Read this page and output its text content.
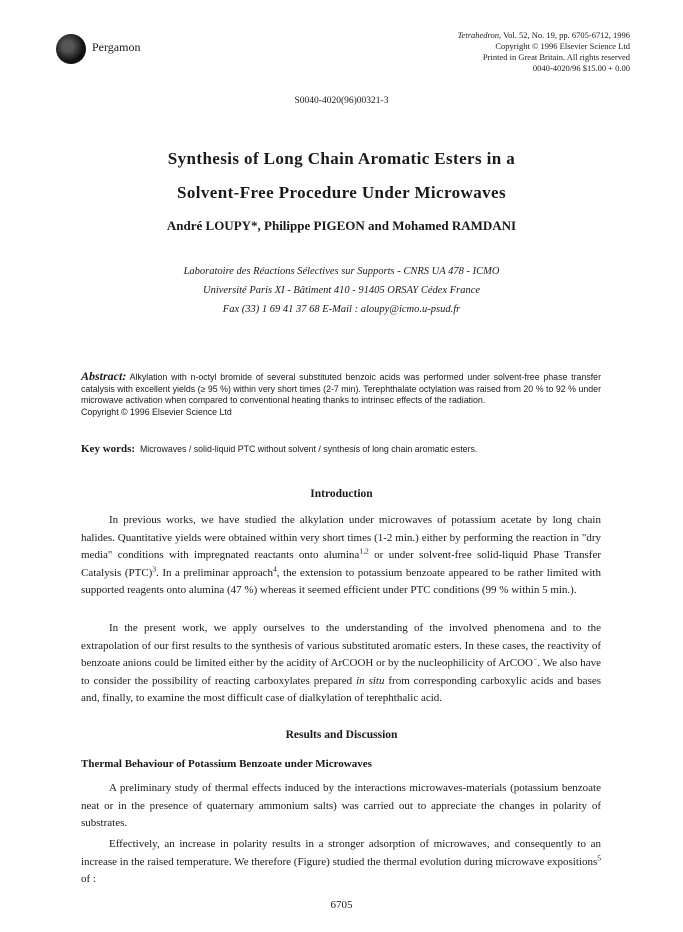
Pergamon
Tetrahedron, Vol. 52, No. 19, pp. 6705-6712, 1996
Copyright © 1996 Elsevier Science Ltd
Printed in Great Britain. All rights reserved
0040-4020/96 $15.00 + 0.00
S0040-4020(96)00321-3
Synthesis of Long Chain Aromatic Esters in a
Solvent-Free Procedure Under Microwaves
André LOUPY*, Philippe PIGEON and Mohamed RAMDANI
Laboratoire des Réactions Sélectives sur Supports - CNRS UA 478 - ICMO
Université Paris XI - Bâtiment 410 - 91405 ORSAY Cédex France
Fax (33) 1 69 41 37 68 E-Mail : aloupy@icmo.u-psud.fr
Abstract: Alkylation with n-octyl bromide of several substituted benzoic acids was performed under solvent-free phase transfer catalysis with excellent yields (≥ 95 %) within very short times (2-7 min). Terephthalate octylation was raised from 20 % to 92 % under microwave activation when compared to conventional heating thanks to intrinsec effects of the radiation.
Copyright © 1996 Elsevier Science Ltd
Key words: Microwaves / solid-liquid PTC without solvent / synthesis of long chain aromatic esters.
Introduction
In previous works, we have studied the alkylation under microwaves of potassium acetate by long chain halides. Quantitative yields were obtained within very short times (1-2 min.) either by performing the reaction in "dry media" conditions with impregnated reactants onto alumina$^{1,2}$ or under solvent-free solid-liquid Phase Transfer Catalysis (PTC)$^3$. In a preliminar approach$^4$, the extension to potassium benzoate appeared to be rather limited with supported reagents onto alumina (47 %) whereas it seemed efficient under PTC conditions (99 % within 5 min.).
In the present work, we apply ourselves to the understanding of the involved phenomena and to the extrapolation of our first results to the synthesis of various substituted aromatic esters. In these cases, the reactivity of benzoate anions could be limited either by the acidity of ArCOOH or by the nucleophilicity of ArCOO−. We also have to consider the possibility of reacting carboxylates prepared in situ from corresponding carboxylic acids and bases and, finally, to examine the most difficult case of dialkylation of terephthalic acid.
Results and Discussion
Thermal Behaviour of Potassium Benzoate under Microwaves
A preliminary study of thermal effects induced by the interactions microwaves-materials (potassium benzoate neat or in the presence of quaternary ammonium salts) was carried out to appreciate the changes in polarity of substrates.
Effectively, an increase in polarity results in a stronger adsorption of microwaves, and consequently to an increase in the raised temperature. We therefore (Figure) studied the thermal evolution during microwave expositions$^5$ of :
6705
